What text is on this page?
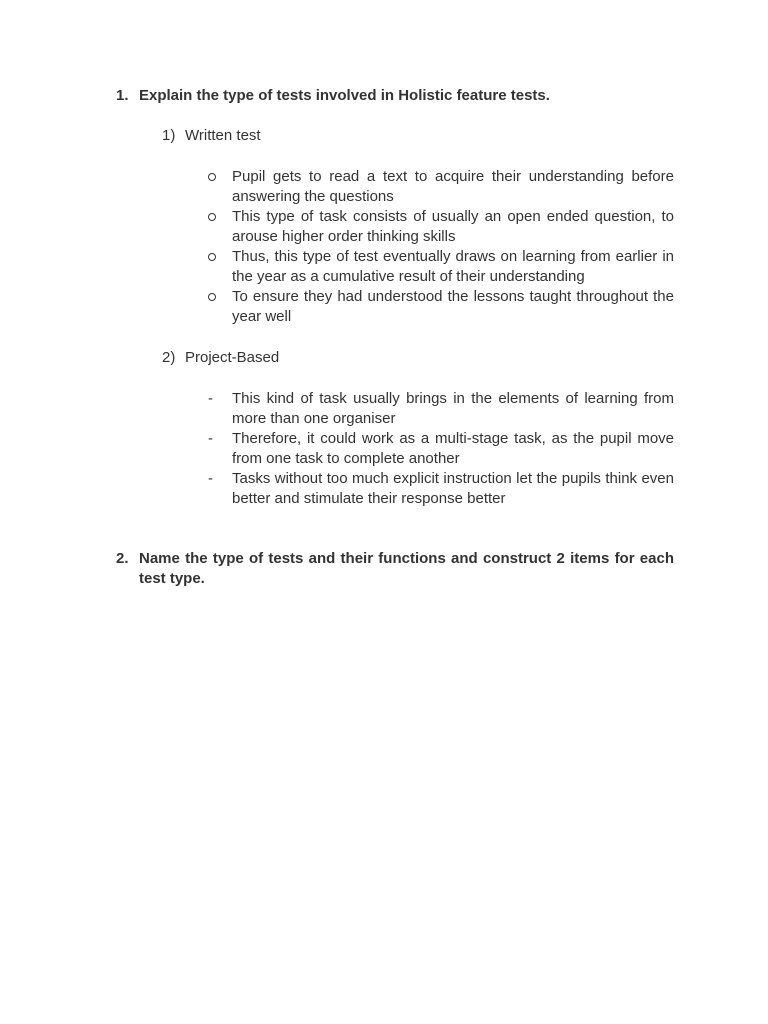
1. Explain the type of tests involved in Holistic feature tests.
1) Written test
Pupil gets to read a text to acquire their understanding before answering the questions
This type of task consists of usually an open ended question, to arouse higher order thinking skills
Thus, this type of test eventually draws on learning from earlier in the year as a cumulative result of their understanding
To ensure they had understood the lessons taught throughout the year well
2) Project-Based
-	This kind of task usually brings in the elements of learning from more than one organiser
-	Therefore, it could work as a multi-stage task, as the pupil move from one task to complete another
-	Tasks without too much explicit instruction let the pupils think even better and stimulate their response better
2. Name the type of tests and their functions and construct 2 items for each test type.
